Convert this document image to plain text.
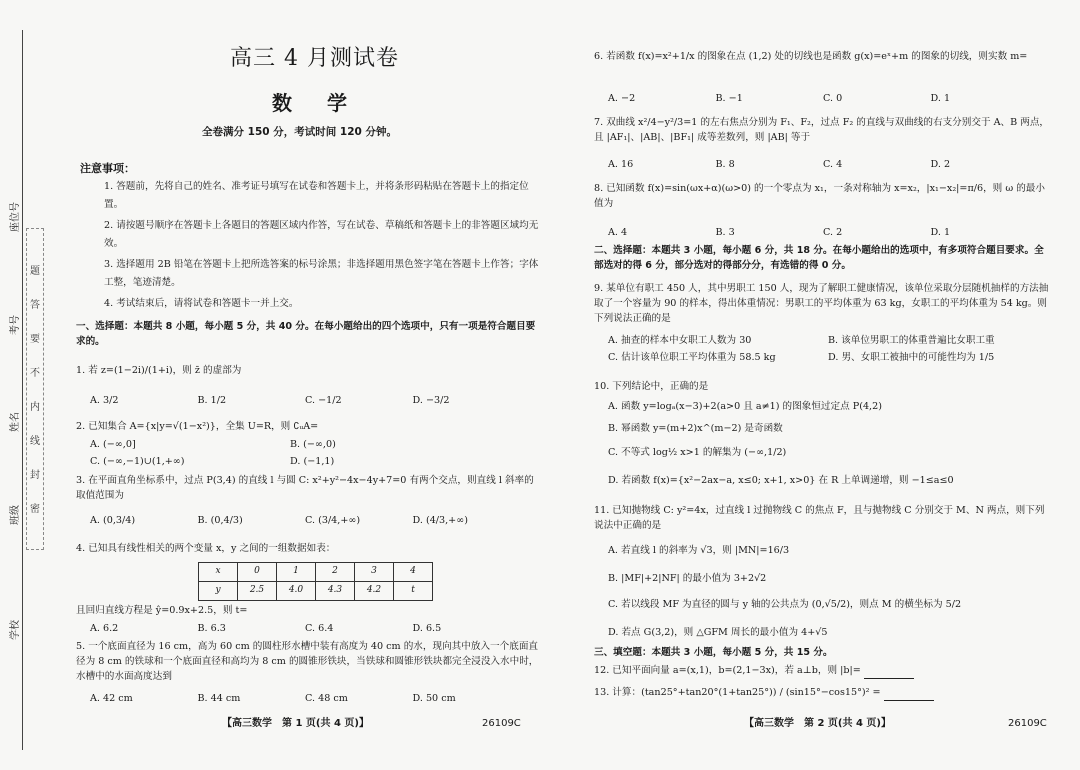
学校
班级
姓名
考号
座位号
密
封
线
内
不
要
答
题
高三 4 月测试卷
数 学
全卷满分 150 分，考试时间 120 分钟。
注意事项：
1. 答题前，先将自己的姓名、准考证号填写在试卷和答题卡上，并将条形码粘贴在答题卡上的指定位置。
2. 请按题号顺序在答题卡上各题目的答题区域内作答，写在试卷、草稿纸和答题卡上的非答题区域均无效。
3. 选择题用 2B 铅笔在答题卡上把所选答案的标号涂黑；非选择题用黑色签字笔在答题卡上作答；字体工整，笔迹清楚。
4. 考试结束后，请将试卷和答题卡一并上交。

一、选择题：本题共 8 小题，每小题 5 分，共 40 分。在每小题给出的四个选项中，只有一项是符合题目要求的。

1. 若 z=(1−2i)/(1+i)，则 z̄ 的虚部为

A. 3/2	B. 1/2	C. −1/2	D. −3/2

2. 已知集合 A={x|y=√(1−x²)}，全集 U=R，则 ∁ᵤA=

A. (−∞,0]	B. (−∞,0)
C. (−∞,−1)∪(1,+∞)	D. (−1,1)

3. 在平面直角坐标系中，过点 P(3,4) 的直线 l 与圆 C: x²+y²−4x−4y+7=0 有两个交点，则直线 l 斜率的取值范围为

A. (0,3/4)	B. (0,4/3)	C. (3/4,+∞)	D. (4/3,+∞)

4. 已知具有线性相关的两个变量 x，y 之间的一组数据如表：

x	0	1	2	3	4
y	2.5	4.0	4.3	4.2	t

且回归直线方程是 ŷ=0.9x+2.5，则 t=

A. 6.2	B. 6.3	C. 6.4	D. 6.5

5. 一个底面直径为 16 cm，高为 60 cm 的圆柱形水槽中装有高度为 40 cm 的水，现向其中放入一个底面直径为 8 cm 的铁球和一个底面直径和高均为 8 cm 的圆锥形铁块，当铁球和圆锥形铁块都完全浸没入水中时，水槽中的水面高度达到

A. 42 cm	B. 44 cm	C. 48 cm	D. 50 cm
【高三数学　第 1 页(共 4 页)】	26109C

6. 若函数 f(x)=x²+1/x 的图象在点 (1,2) 处的切线也是函数 g(x)=eˣ+m 的图象的切线，则实数 m=

A. −2	B. −1	C. 0	D. 1

7. 双曲线 x²/4−y²/3=1 的左右焦点分别为 F₁、F₂，过点 F₂ 的直线与双曲线的右支分别交于 A、B 两点，且 |AF₁|、|AB|、|BF₁| 成等差数列，则 |AB| 等于

A. 16	B. 8	C. 4	D. 2

8. 已知函数 f(x)=sin(ωx+α)(ω>0) 的一个零点为 x₁，一条对称轴为 x=x₂，|x₁−x₂|=π/6，则 ω 的最小值为

A. 4	B. 3	C. 2	D. 1

二、选择题：本题共 3 小题，每小题 6 分，共 18 分。在每小题给出的选项中，有多项符合题目要求。全部选对的得 6 分，部分选对的得部分分，有选错的得 0 分。

9. 某单位有职工 450 人，其中男职工 150 人，现为了解职工健康情况，该单位采取分层随机抽样的方法抽取了一个容量为 90 的样本，得出体重情况：男职工的平均体重为 63 kg，女职工的平均体重为 54 kg。则下列说法正确的是

A. 抽查的样本中女职工人数为 30	B. 该单位男职工的体重普遍比女职工重
C. 估计该单位职工平均体重为 58.5 kg	D. 男、女职工被抽中的可能性均为 1/5

10. 下列结论中，正确的是

A. 函数 y=logₐ(x−3)+2(a>0 且 a≠1) 的图象恒过定点 P(4,2)

B. 幂函数 y=(m+2)x^(m−2) 是奇函数

C. 不等式 log½ x>1 的解集为 (−∞,1/2)

D. 若函数 f(x)={x²−2ax−a, x≤0; x+1, x>0} 在 R 上单调递增，则 −1≤a≤0

11. 已知抛物线 C: y²=4x，过直线 l 过抛物线 C 的焦点 F，且与抛物线 C 分别交于 M、N 两点，则下列说法中正确的是

A. 若直线 l 的斜率为 √3，则 |MN|=16/3

B. |MF|+2|NF| 的最小值为 3+2√2

C. 若以线段 MF 为直径的圆与 y 轴的公共点为 (0,√5/2)，则点 M 的横坐标为 5/2

D. 若点 G(3,2)，则 △GFM 周长的最小值为 4+√5

三、填空题：本题共 3 小题，每小题 5 分，共 15 分。

12. 已知平面向量 a=(x,1)，b=(2,1−3x)，若 a⊥b，则 |b|=

13. 计算：(tan25°+tan20°(1+tan25°)) / (sin15°−cos15°)² =

【高三数学　第 2 页(共 4 页)】	26109C
